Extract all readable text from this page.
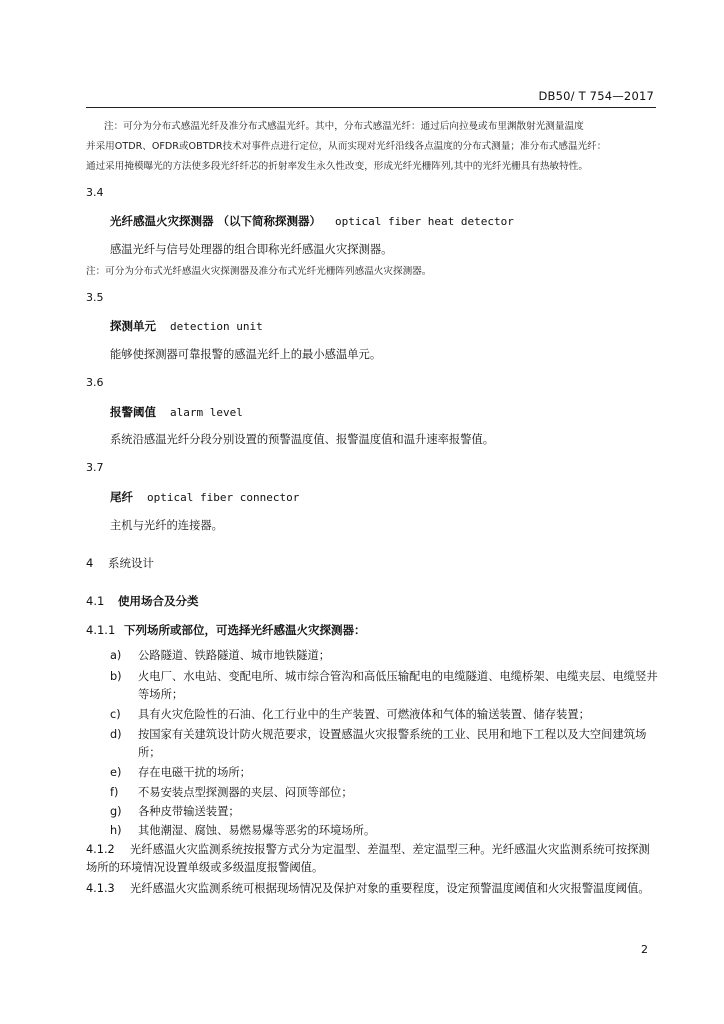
DB50/ T 754—2017
注：可分为分布式感温光纤及准分布式感温光纤。其中，分布式感温光纤：通过后向拉曼或布里渊散射光测量温度
并采用OTDR、OFDR或OBTDR技术对事件点进行定位，从而实现对光纤沿线各点温度的分布式测量；准分布式感温光纤：
通过采用掩模曝光的方法使多段光纤纤芯的折射率发生永久性改变，形成光纤光栅阵列,其中的光纤光栅具有热敏特性。
3.4
光纤感温火灾探测器 （以下简称探测器） optical fiber heat detector
感温光纤与信号处理器的组合即称光纤感温火灾探测器。
注：可分为分布式光纤感温火灾探测器及准分布式光纤光栅阵列感温火灾探测器。
3.5
探测单元 detection unit
能够使探测器可靠报警的感温光纤上的最小感温单元。
3.6
报警阈值 alarm level
系统沿感温光纤分段分别设置的预警温度值、报警温度值和温升速率报警值。
3.7
尾纤 optical fiber connector
主机与光纤的连接器。
4 系统设计
4.1 使用场合及分类
4.1.1 下列场所或部位，可选择光纤感温火灾探测器：
a)	公路隧道、铁路隧道、城市地铁隧道；
b)	火电厂、水电站、变配电所、城市综合管沟和高低压输配电的电缆隧道、电缆桥架、电缆夹层、电缆竖井等场所；
c)	具有火灾危险性的石油、化工行业中的生产装置、可燃液体和气体的输送装置、储存装置；
d)	按国家有关建筑设计防火规范要求，设置感温火灾报警系统的工业、民用和地下工程以及大空间建筑场所；
e)	存在电磁干扰的场所；
f)	不易安装点型探测器的夹层、闷顶等部位；
g)	各种皮带输送装置；
h)	其他潮湿、腐蚀、易燃易爆等恶劣的环境场所。
4.1.2 光纤感温火灾监测系统按报警方式分为定温型、差温型、差定温型三种。光纤感温火灾监测系统可按探测场所的环境情况设置单级或多级温度报警阈值。
4.1.3 光纤感温火灾监测系统可根据现场情况及保护对象的重要程度，设定预警温度阈值和火灾报警温度阈值。
2
